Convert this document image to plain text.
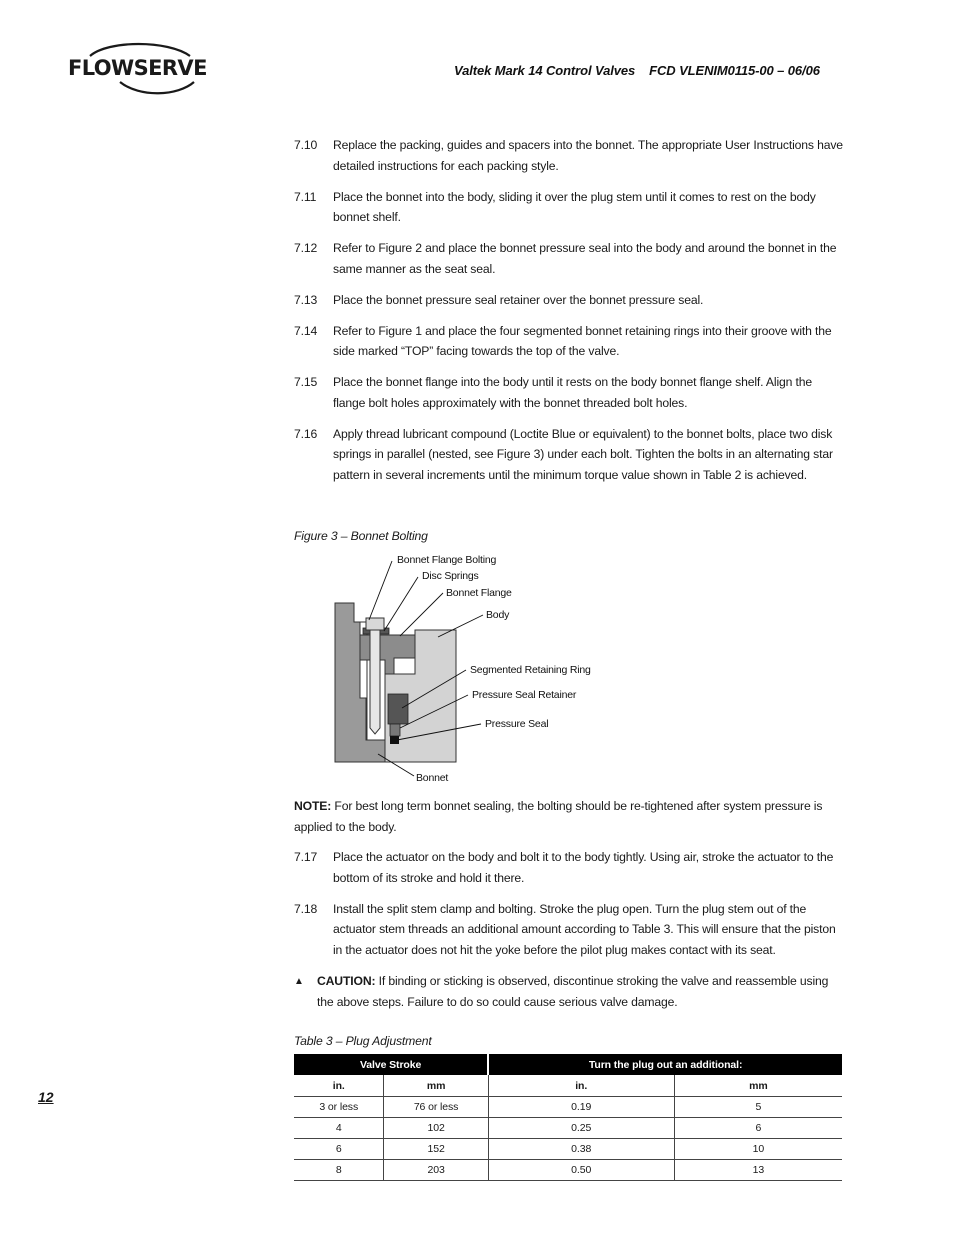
FLOWSERVE	Valtek Mark 14 Control Valves    FCD VLENIM0115-00 – 06/06
7.10	Replace the packing, guides and spacers into the bonnet. The appropriate User Instructions have detailed instructions for each packing style.
7.11	Place the bonnet into the body, sliding it over the plug stem until it comes to rest on the body bonnet shelf.
7.12	Refer to Figure 2 and place the bonnet pressure seal into the body and around the bonnet in the same manner as the seat seal.
7.13	Place the bonnet pressure seal retainer over the bonnet pressure seal.
7.14	Refer to Figure 1 and place the four segmented bonnet retaining rings into their groove with the side marked “TOP” facing towards the top of the valve.
7.15	Place the bonnet flange into the body until it rests on the body bonnet flange shelf. Align the flange bolt holes approximately with the bonnet threaded bolt holes.
7.16	Apply thread lubricant compound (Loctite Blue or equivalent) to the bonnet bolts, place two disk springs in parallel (nested, see Figure 3) under each bolt. Tighten the bolts in an alternating star pattern in several increments until the minimum torque value shown in Table 2 is achieved.
Figure 3 – Bonnet Bolting
Bonnet Flange Bolting
Disc Springs
Bonnet Flange
Body
Segmented Retaining Ring
Pressure Seal Retainer
Pressure Seal
Bonnet
NOTE: For best long term bonnet sealing, the bolting should be re-tightened after system pressure is applied to the body.
7.17	Place the actuator on the body and bolt it to the body tightly. Using air, stroke the actuator to the bottom of its stroke and hold it there.
7.18	Install the split stem clamp and bolting. Stroke the plug open. Turn the plug stem out of the actuator stem threads an additional amount according to Table 3. This will ensure that the piston in the actuator does not hit the yoke before the pilot plug makes contact with its seat.
▲	CAUTION: If binding or sticking is observed, discontinue stroking the valve and reassemble using the above steps. Failure to do so could cause serious valve damage.
Table 3 – Plug Adjustment
Valve Stroke		Turn the plug out an additional:	
in.	mm	in.	mm
3 or less	76 or less	0.19	5
4	102	0.25	6
6	152	0.38	10
8	203	0.50	13
12
